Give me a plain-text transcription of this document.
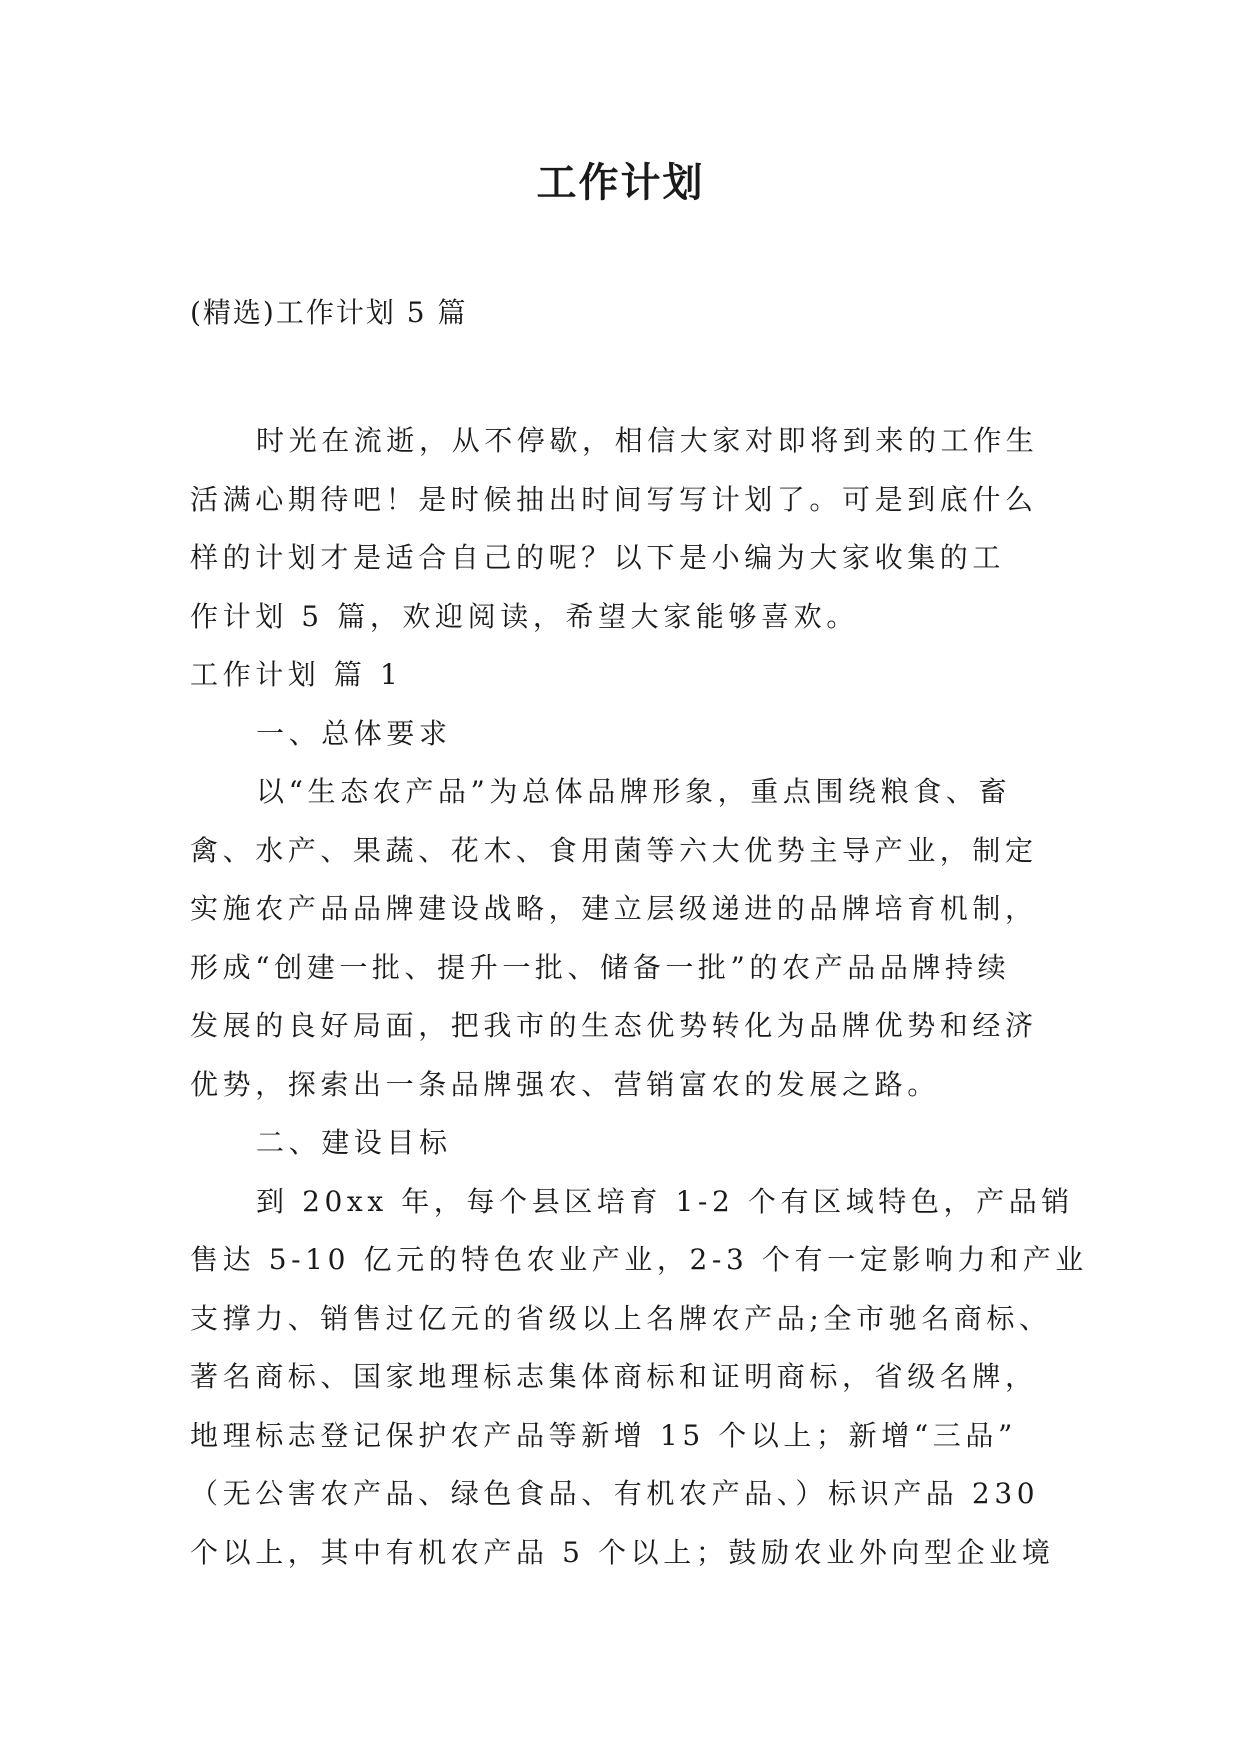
工作计划
(精选)工作计划 5 篇
时光在流逝，从不停歇，相信大家对即将到来的工作生
活满心期待吧！是时候抽出时间写写计划了。可是到底什么
样的计划才是适合自己的呢？以下是小编为大家收集的工
作计划 5 篇，欢迎阅读，希望大家能够喜欢。
工作计划 篇 1
一、总体要求
以“生态农产品”为总体品牌形象，重点围绕粮食、畜
禽、水产、果蔬、花木、食用菌等六大优势主导产业，制定
实施农产品品牌建设战略，建立层级递进的品牌培育机制，
形成“创建一批、提升一批、储备一批”的农产品品牌持续
发展的良好局面，把我市的生态优势转化为品牌优势和经济
优势，探索出一条品牌强农、营销富农的发展之路。
二、建设目标
到 20xx 年，每个县区培育 1-2 个有区域特色，产品销
售达 5-10 亿元的特色农业产业，2-3 个有一定影响力和产业
支撑力、销售过亿元的省级以上名牌农产品;全市驰名商标、
著名商标、国家地理标志集体商标和证明商标，省级名牌，
地理标志登记保护农产品等新增 15 个以上；新增“三品”
（无公害农产品、绿色食品、有机农产品、）标识产品 230
个以上，其中有机农产品 5 个以上；鼓励农业外向型企业境
